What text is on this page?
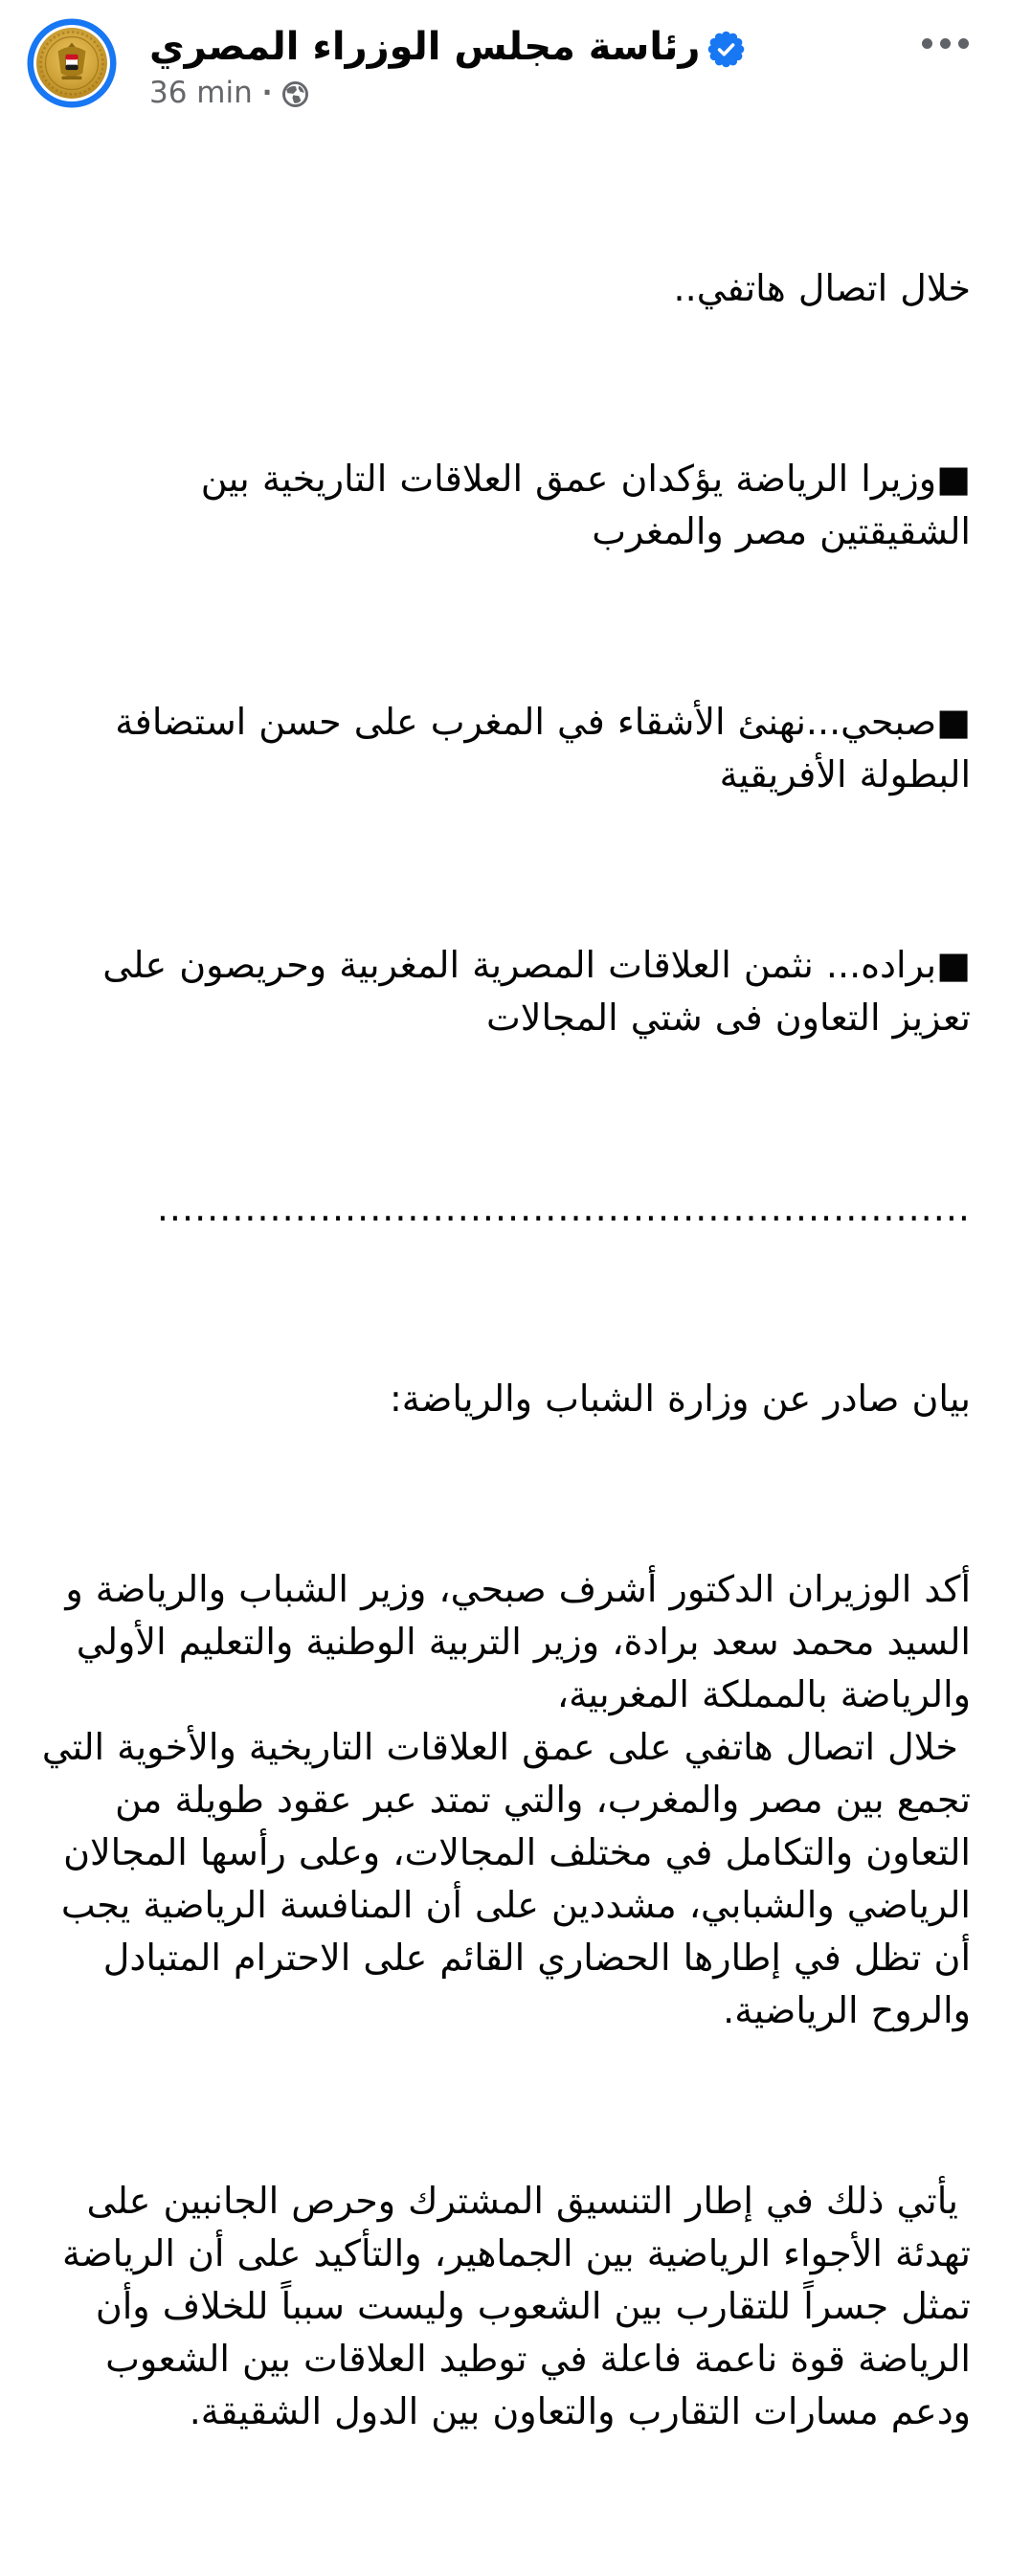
رئاسة مجلس الوزراء المصري
36 min ·

خلال اتصال هاتفي..

■وزيرا الرياضة يؤكدان عمق العلاقات التاريخية بين الشقيقتين مصر والمغرب

■صبحي...نهنئ الأشقاء في المغرب على حسن استضافة البطولة الأفريقية

■براده... نثمن العلاقات المصرية المغربية وحريصون على تعزيز التعاون فى شتي المجالات

.................................................................

بيان صادر عن وزارة الشباب والرياضة:

أكد الوزيران الدكتور أشرف صبحي، وزير الشباب والرياضة و السيد محمد سعد برادة، وزير التربية الوطنية والتعليم الأولي والرياضة بالمملكة المغربية،
خلال اتصال هاتفي على عمق العلاقات التاريخية والأخوية التي تجمع بين مصر والمغرب، والتي تمتد عبر عقود طويلة من التعاون والتكامل في مختلف المجالات، وعلى رأسها المجالان الرياضي والشبابي، مشددين على أن المنافسة الرياضية يجب أن تظل في إطارها الحضاري القائم على الاحترام المتبادل والروح الرياضية.

يأتي ذلك في إطار التنسيق المشترك وحرص الجانبين على تهدئة الأجواء الرياضية بين الجماهير، والتأكيد على أن الرياضة تمثل جسراً للتقارب بين الشعوب وليست سبباً للخلاف وأن الرياضة قوة ناعمة فاعلة في توطيد العلاقات بين الشعوب ودعم مسارات التقارب والتعاون بين الدول الشقيقة.
